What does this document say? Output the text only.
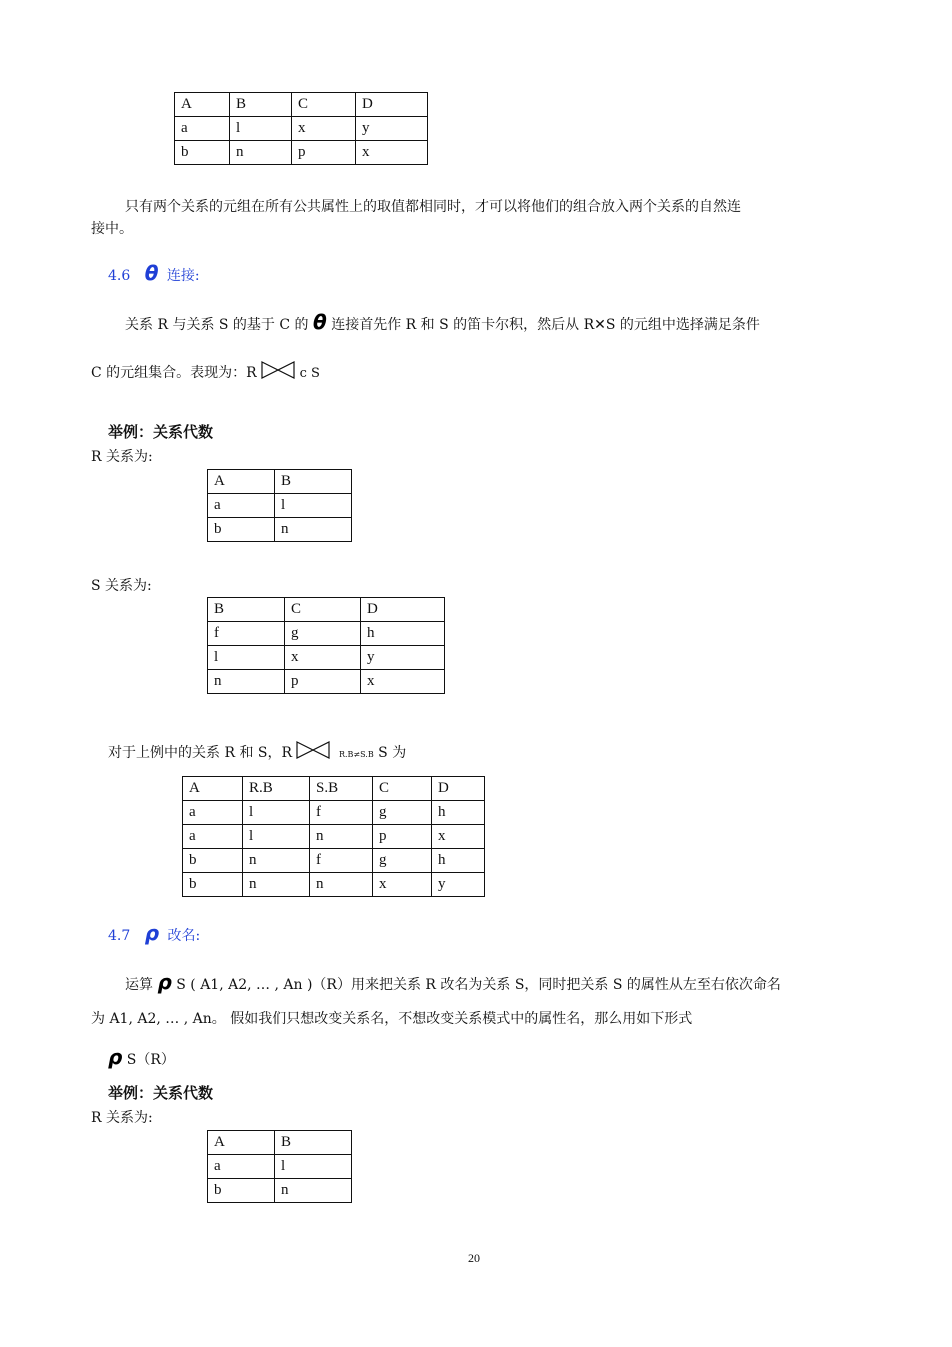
A	B	C	D
a	l	x	y
b	n	p	x
只有两个关系的元组在所有公共属性上的取值都相同时，才可以将他们的组合放入两个关系的自然连
接中。
4.6 θ 连接:
关系 R 与关系 S 的基于 C 的 θ 连接首先作 R 和 S 的笛卡尔积，然后从 R✕S 的元组中选择满足条件
C 的元组集合。表现为：R	c S
举例：关系代数
R 关系为:
A	B
a	l
b	n
S 关系为:
B	C	D
f	g	h
l	x	y
n	p	x
对于上例中的关系 R 和 S，R	R.B≠S.B S 为
A	R.B	S.B	C	D
a	l	f	g	h
a	l	n	p	x
b	n	f	g	h
b	n	n	x	y
4.7 ρ 改名:
运算 ρ S ( A1, A2, … , An )（R）用来把关系 R 改名为关系 S，同时把关系 S 的属性从左至右依次命名
为 A1, A2, … , An。 假如我们只想改变关系名，不想改变关系模式中的属性名，那么用如下形式
ρ S（R）
举例：关系代数
R 关系为:
A	B
a	l
b	n
20
